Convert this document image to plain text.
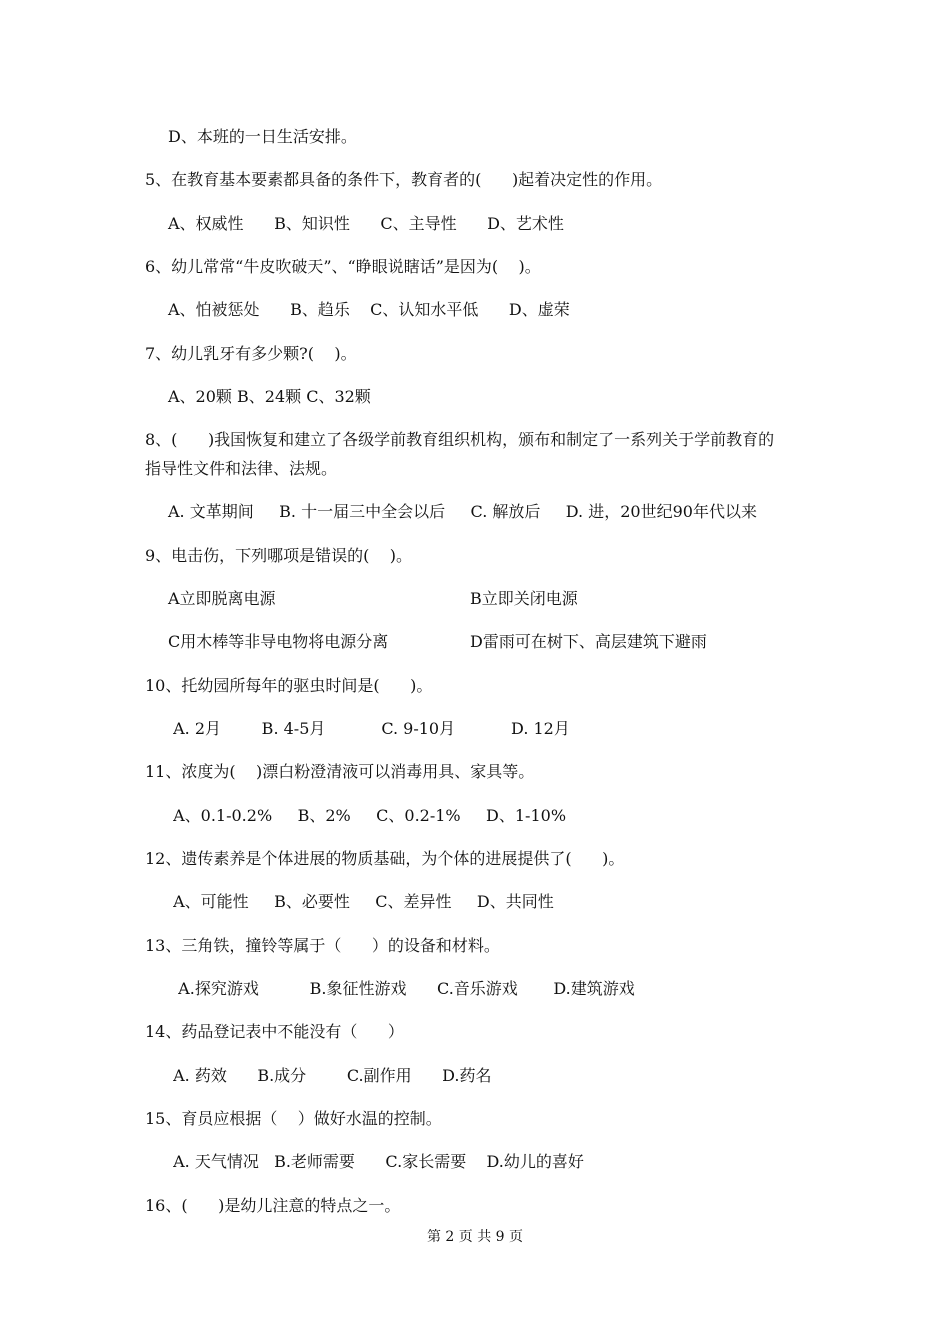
D、本班的一日生活安排。
5、在教育基本要素都具备的条件下，教育者的(      )起着决定性的作用。
A、权威性      B、知识性      C、主导性      D、艺术性
6、幼儿常常“牛皮吹破天”、“睁眼说瞎话”是因为(    )。
A、怕被惩处      B、趋乐    C、认知水平低      D、虚荣
7、幼儿乳牙有多少颗?(    )。
A、20颗 B、24颗 C、32颗
8、(      )我国恢复和建立了各级学前教育组织机构，颁布和制定了一系列关于学前教育的
指导性文件和法律、法规。
A. 文革期间     B. 十一届三中全会以后     C. 解放后     D. 进，20世纪90年代以来
9、电击伤，下列哪项是错误的(    )。
A立即脱离电源	B立即关闭电源
C用木棒等非导电物将电源分离	D雷雨可在树下、高层建筑下避雨
10、托幼园所每年的驱虫时间是(      )。
A. 2月        B. 4-5月           C. 9-10月           D. 12月
11、浓度为(    )漂白粉澄清液可以消毒用具、家具等。
A、0.1-0.2%     B、2%     C、0.2-1%     D、1-10%
12、遗传素养是个体进展的物质基础，为个体的进展提供了(      )。
A、可能性     B、必要性     C、差异性     D、共同性
13、三角铁，撞铃等属于（      ）的设备和材料。
A.探究游戏          B.象征性游戏      C.音乐游戏       D.建筑游戏
14、药品登记表中不能没有（      ）
A. 药效      B.成分        C.副作用      D.药名
15、育员应根据（    ）做好水温的控制。
A. 天气情况   B.老师需要      C.家长需要    D.幼儿的喜好
16、(      )是幼儿注意的特点之一。
第 2 页 共 9 页
